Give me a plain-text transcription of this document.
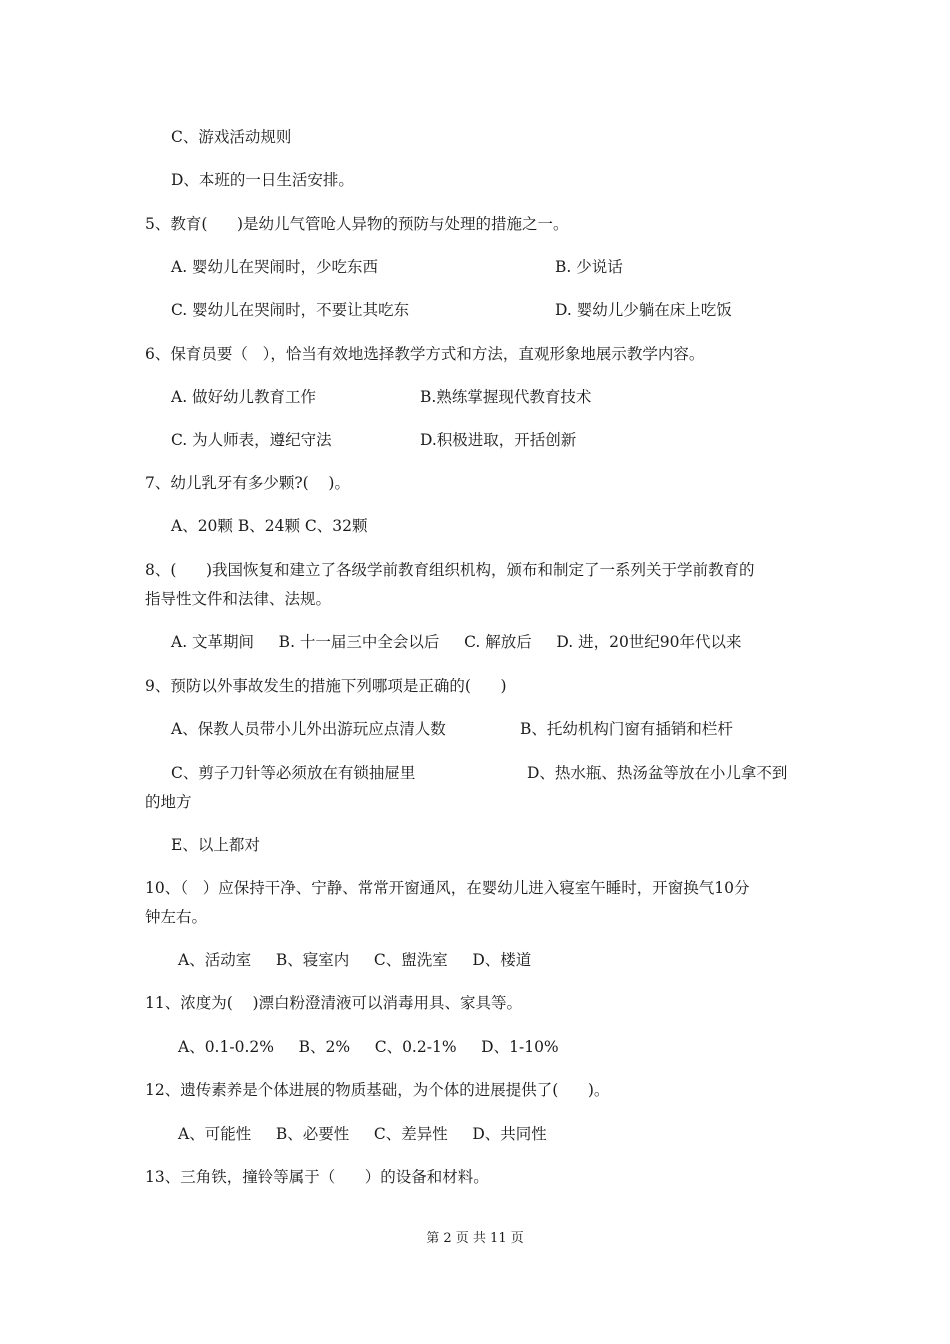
C、游戏活动规则
D、本班的一日生活安排。
5、教育(      )是幼儿气管呛人异物的预防与处理的措施之一。
A. 婴幼儿在哭闹时，少吃东西	B. 少说话
C. 婴幼儿在哭闹时，不要让其吃东	D. 婴幼儿少躺在床上吃饭
6、保育员要（   ），恰当有效地选择教学方式和方法，直观形象地展示教学内容。
A. 做好幼儿教育工作	B.熟练掌握现代教育技术
C. 为人师表，遵纪守法	D.积极进取，开括创新
7、幼儿乳牙有多少颗?(    )。
A、20颗 B、24颗 C、32颗
8、(      )我国恢复和建立了各级学前教育组织机构，颁布和制定了一系列关于学前教育的
指导性文件和法律、法规。
A. 文革期间     B. 十一届三中全会以后     C. 解放后     D. 进，20世纪90年代以来
9、预防以外事故发生的措施下列哪项是正确的(      )
A、保教人员带小儿外出游玩应点清人数	B、托幼机构门窗有插销和栏杆
C、剪子刀针等必须放在有锁抽屉里	D、热水瓶、热汤盆等放在小儿拿不到
的地方
E、以上都对
10、（   ）应保持干净、宁静、常常开窗通风，在婴幼儿进入寝室午睡时，开窗换气10分
钟左右。
A、活动室     B、寝室内     C、盥洗室     D、楼道
11、浓度为(    )漂白粉澄清液可以消毒用具、家具等。
A、0.1-0.2%     B、2%     C、0.2-1%     D、1-10%
12、遗传素养是个体进展的物质基础，为个体的进展提供了(      )。
A、可能性     B、必要性     C、差异性     D、共同性
13、三角铁，撞铃等属于（      ）的设备和材料。
第 2 页 共 11 页
